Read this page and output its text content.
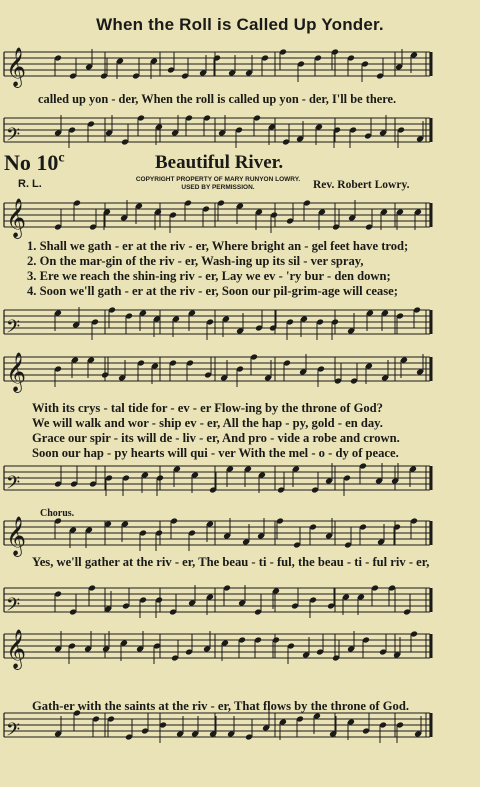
When the Roll is Called Up Yonder.
𝄞
𝄢
𝄞
𝄢
𝄞
𝄢
𝄞
𝄢
𝄞
𝄢
called up yon - der, When the roll is called up yon - der, I'll be there.
No 10$^c$	Beautiful River.
R. L.	COPYRIGHT PROPERTY OF MARY RUNYON LOWRY. USED BY PERMISSION.	Rev. Robert Lowry.
1. Shall we gath - er at the riv - er, Where bright an - gel feet have trod;
2. On the mar-gin of the riv - er, Wash-ing up its sil - ver spray,
3. Ere we reach the shin-ing riv - er, Lay we ev - 'ry bur - den down;
4. Soon we'll gath - er at the riv - er, Soon our pil-grim-age will cease;
With its crys - tal tide for - ev - er Flow-ing by the throne of God?
We will walk and wor - ship ev - er, All the hap - py, gold - en day.
Grace our spir - its will de - liv - er, And pro - vide a robe and crown.
Soon our hap - py hearts will qui - ver With the mel - o - dy of peace.
Chorus.
Yes, we'll gather at the riv - er, The beau - ti - ful, the beau - ti - ful riv - er,
Gath-er with the saints at the riv - er, That flows by the throne of God.
